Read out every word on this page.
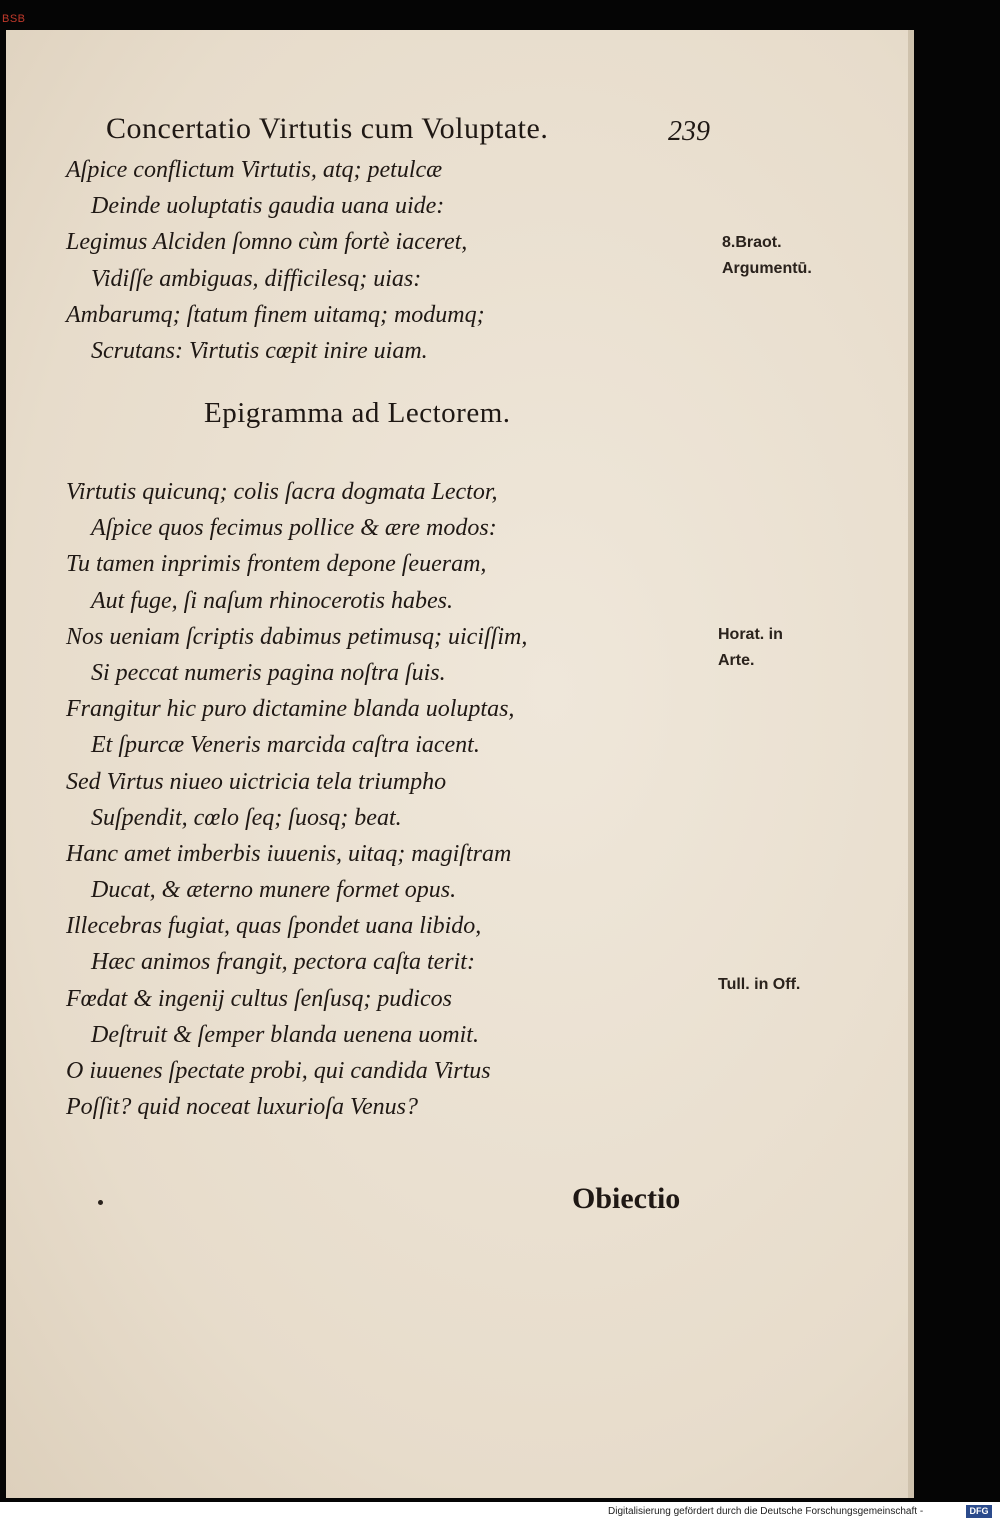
BSB
Concertatio Virtutis cum Voluptate.	239
Aſpice conflictum Virtutis, atq; petulcæ
Deinde uoluptatis gaudia uana uide:
Legimus Alciden ſomno cùm fortè iaceret,
Vidiſſe ambiguas, difficilesq; uias:
Ambarumq; ſtatum finem uitamq; modumq;
Scrutans: Virtutis cœpit inire uiam.
Epigramma ad Lectorem.
Virtutis quicunq; colis ſacra dogmata Lector,
Aſpice quos fecimus pollice & ære modos:
Tu tamen inprimis frontem depone ſeueram,
Aut fuge, ſi naſum rhinocerotis habes.
Nos ueniam ſcriptis dabimus petimusq; uiciſſim,
Si peccat numeris pagina noſtra ſuis.
Frangitur hic puro dictamine blanda uoluptas,
Et ſpurcæ Veneris marcida caſtra iacent.
Sed Virtus niueo uictricia tela triumpho
Suſpendit, cœlo ſeq; ſuosq; beat.
Hanc amet imberbis iuuenis, uitaq; magiſtram
Ducat, & æterno munere formet opus.
Illecebras fugiat, quas ſpondet uana libido,
Hæc animos frangit, pectora caſta terit:
Fœdat & ingenij cultus ſenſusq; pudicos
Deſtruit & ſemper blanda uenena uomit.
O iuuenes ſpectate probi, qui candida Virtus
Poſſit? quid noceat luxurioſa Venus?
8.Braοt.
Argumentū.
Horat. in
Arte.
Tull. in Off.
Obiectio
Digitalisierung gefördert durch die Deutsche Forschungsgemeinschaft -	DFG
